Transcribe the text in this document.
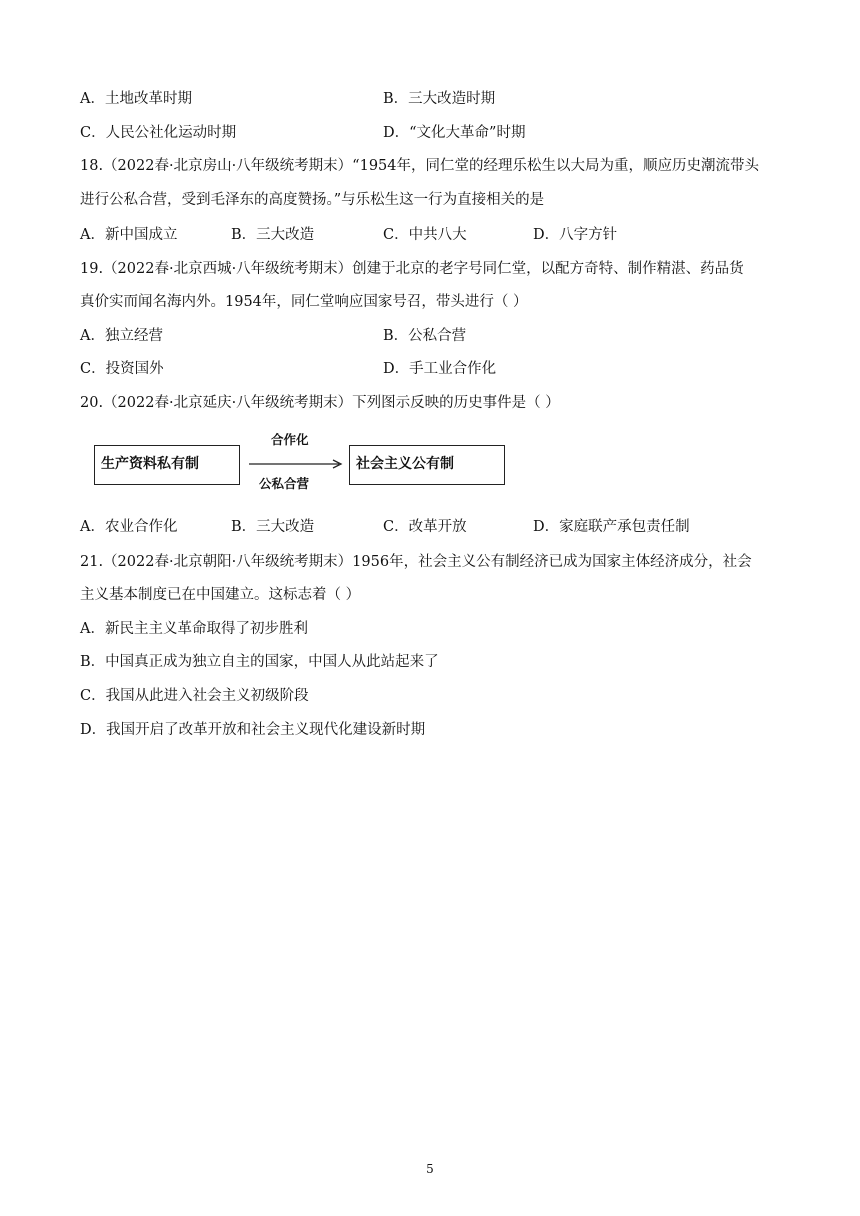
A．土地改革时期	B．三大改造时期
C．人民公社化运动时期	D．“文化大革命”时期
18.（2022春·北京房山·八年级统考期末）“1954年，同仁堂的经理乐松生以大局为重，顺应历史潮流带头
进行公私合营，受到毛泽东的高度赞扬。”与乐松生这一行为直接相关的是
A．新中国成立	B．三大改造	C．中共八大	D．八字方针
19.（2022春·北京西城·八年级统考期末）创建于北京的老字号同仁堂，以配方奇特、制作精湛、药品货
真价实而闻名海内外。1954年，同仁堂响应国家号召，带头进行（ ）
A．独立经营	B．公私合营
C．投资国外	D．手工业合作化
20.（2022春·北京延庆·八年级统考期末）下列图示反映的历史事件是（ ）
生产资料私有制
合作化
公私合营
社会主义公有制
A．农业合作化	B．三大改造	C．改革开放	D．家庭联产承包责任制
21.（2022春·北京朝阳·八年级统考期末）1956年，社会主义公有制经济已成为国家主体经济成分，社会
主义基本制度已在中国建立。这标志着（ ）
A．新民主主义革命取得了初步胜利
B．中国真正成为独立自主的国家，中国人从此站起来了
C．我国从此进入社会主义初级阶段
D．我国开启了改革开放和社会主义现代化建设新时期
5
